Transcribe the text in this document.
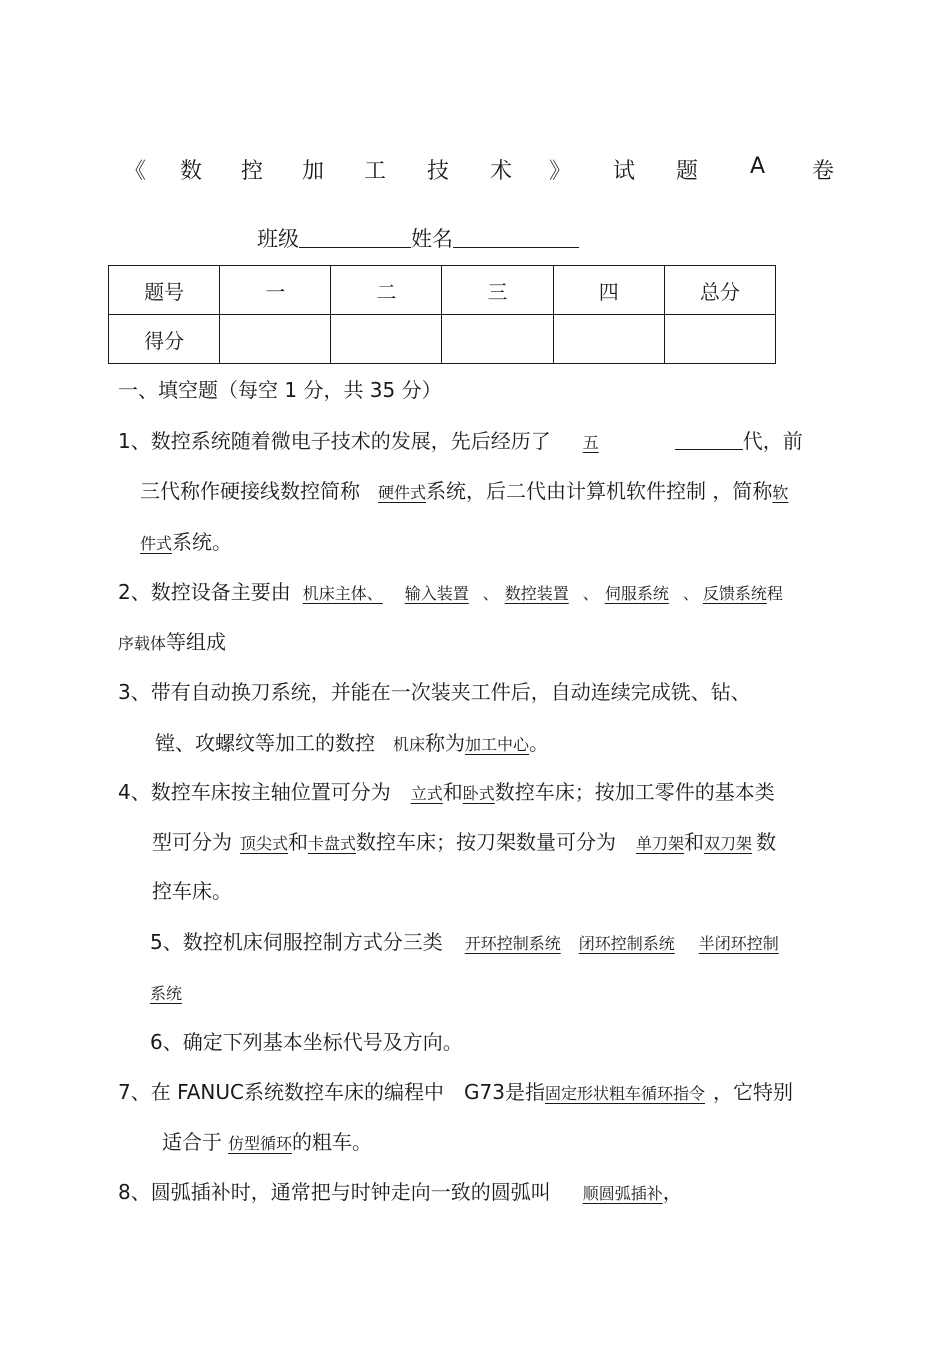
《 数 控 加 工 技 术 》 试 题 A 卷
班级	姓名
题号	一	二	三	四	总分
得分					
一、填空题（每空 1 分，共 35 分）
1、数控系统随着微电子技术的发展，先后经历了 五	代，前
三代称作硬接线数控简称 硬件式系统，后二代由计算机软件控制 ，简称软
件式系统。
2、数控设备主要由 机床主体、 输入装置 、 数控装置 、 伺服系统 、 反馈系统程
序载体等组成
3、带有自动换刀系统，并能在一次装夹工件后，自动连续完成铣、钻、
镗、攻螺纹等加工的数控 机床称为加工中心。
4、数控车床按主轴位置可分为 立式和卧式数控车床；按加工零件的基本类
型可分为 顶尖式和卡盘式数控车床；按刀架数量可分为 单刀架和双刀架 数
控车床。
5、数控机床伺服控制方式分三类 开环控制系统 闭环控制系统 半闭环控制
系统
6、确定下列基本坐标代号及方向。
7、在 FANUC系统数控车床的编程中 G73是指固定形状粗车循环指令 ，它特别
适合于 仿型循环的粗车。
8、圆弧插补时，通常把与时钟走向一致的圆弧叫 顺圆弧插补，
